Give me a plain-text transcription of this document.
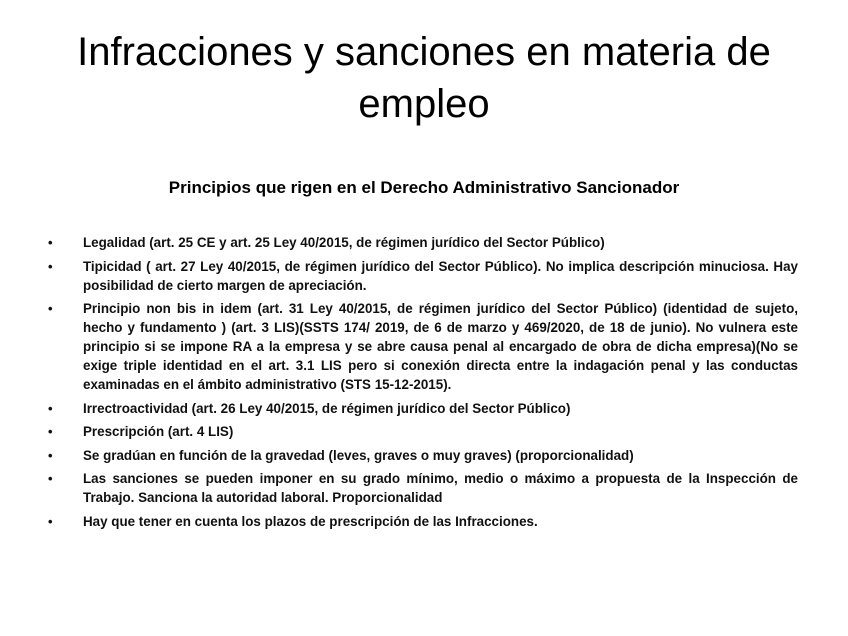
Infracciones y sanciones en materia de empleo
Principios que rigen en el Derecho Administrativo Sancionador
•	Legalidad (art. 25 CE y art. 25 Ley 40/2015, de régimen jurídico del Sector Público)
•	Tipicidad ( art. 27 Ley 40/2015, de régimen jurídico del Sector Público). No implica descripción minuciosa. Hay posibilidad de cierto margen de apreciación.
•	Principio non bis in idem (art. 31 Ley 40/2015, de régimen jurídico del Sector Público) (identidad de sujeto, hecho y fundamento ) (art. 3 LIS)(SSTS 174/ 2019, de 6 de marzo y 469/2020, de 18 de junio). No vulnera este principio si se impone RA a la empresa y se abre causa penal al encargado de obra de dicha empresa)(No se exige triple identidad en el art. 3.1 LIS pero si conexión directa entre la indagación penal y las conductas examinadas en el ámbito administrativo (STS 15-12-2015).
•	Irrectroactividad (art. 26 Ley 40/2015, de régimen jurídico del Sector Público)
•	Prescripción (art. 4 LIS)
•	Se gradúan en función de la gravedad (leves, graves o muy graves) (proporcionalidad)
•	Las sanciones se pueden imponer en su grado mínimo, medio o máximo a propuesta de la Inspección de Trabajo. Sanciona la autoridad laboral. Proporcionalidad
•	Hay que tener en cuenta los plazos de prescripción de las Infracciones.
